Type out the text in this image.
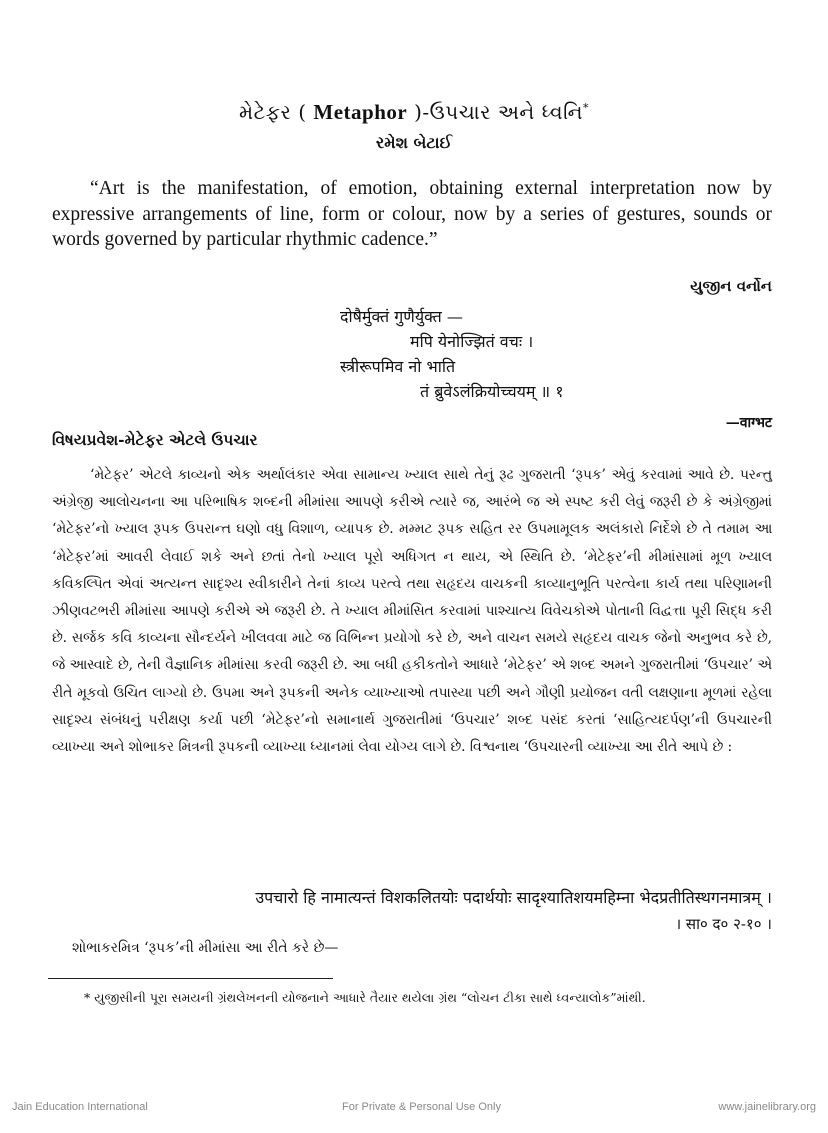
મેટેફર ( Metaphor )-ઉપચાર અને ધ્વનિ*
રમેશ બેટાઈ
“Art is the manifestation, of emotion, obtaining external interpretation now by expressive arrangements of line, form or colour, now by a series of gestures, sounds or words governed by particular rhythmic cadence.”
યુજીન વર્નોન
दोषैर्मुक्तं गुणैर्युक्त —
मपि येनोज्झितं वचः ।
स्त्रीरूपमिव नो भाति
तं ब्रुवेऽलंक्रियोच्चयम् ॥ १
—वाग्भट
વિષયપ્રવેશ-મેટેફર એટલે ઉપચાર
‘મેટેફર’ એટલે કાવ્યનો એક અર્થાલંકાર એવા સામાન્ય ખ્યાલ સાથે તેનું રૂઢ ગુજરાતી ‘રૂપક’ એવું કરવામાં આવે છે. પરન્તુ અંગ્રેજી આલોચનના આ પરિભાષિક શબ્દની મીમાંસા આપણે કરીએ ત્યારે જ, આરંભે જ એ સ્પષ્ટ કરી લેવું જરૂરી છે કે અંગ્રેજીમાં ‘મેટેફર’નો ખ્યાલ રૂપક ઉપરાન્ત ઘણો વધુ વિશાળ, વ્યાપક છે. મમ્મટ રૂપક સહિત રર ઉપમામૂલક અલંકારો નિર્દેશે છે તે તમામ આ ‘મેટેફર’માં આવરી લેવાઈ શકે અને છતાં તેનો ખ્યાલ પૂરો અધિગત ન થાય, એ સ્થિતિ છે. ‘મેટેફર’ની મીમાંસામાં મૂળ ખ્યાલ કવિકલ્પિત એવાં અત્યન્ત સાદૃશ્ય સ્વીકારીને તેનાં કાવ્ય પરત્વે તથા સહૃદય વાચકની કાવ્યાનુભૂતિ પરત્વેના કાર્ય તથા પરિણામની ઝીણવટભરી મીમાંસા આપણે કરીએ એ જરૂરી છે. તે ખ્યાલ મીમાંસિત કરવામાં પાશ્ચાત્ય વિવેચકોએ પોતાની વિદ્વત્તા પૂરી સિદ્ધ કરી છે. સર્જક કવિ કાવ્યના સૌન્દર્યને ખીલવવા માટે જ વિભિન્ન પ્રયોગો કરે છે, અને વાચન સમયે સહૃદય વાચક જેનો અનુભવ કરે છે, જે આસ્વાદે છે, તેની વૈજ્ઞાનિક મીમાંસા કરવી જરૂરી છે. આ બધી હકીકતોને આધારે ‘મેટેફર’ એ શબ્દ અમને ગુજરાતીમાં ‘ઉપચાર’ એ રીતે મૂકવો ઉચિત લાગ્યો છે. ઉપમા અને રૂપકની અનેક વ્યાખ્યાઓ તપાસ્યા પછી અને ગૌણી પ્રયોજન વતી લક્ષણાના મૂળમાં રહેલા સાદૃશ્ય સંબંધનું પરીક્ષણ કર્યા પછી ‘મેટેફર’નો સમાનાર્થ ગુજરાતીમાં ‘ઉપચાર’ શબ્દ પસંદ કરતાં ‘સાહિત્યદર્પણ’ની ઉપચારની વ્યાખ્યા અને શોભાકર મિત્રની રૂપકની વ્યાખ્યા ધ્યાનમાં લેવા યોગ્ય લાગે છે. વિશ્વનાથ ‘ઉપચારની વ્યાખ્યા આ રીતે આપે છે :
उपचारो हि नामात्यन्तं विशकलितयोः पदार्थयोः सादृश्यातिशयमहिम्ना भेदप्रतीतिस्थगनमात्रम् ।
। सा० द० २-१० ।
શોભાકરમિત્ર ‘રૂપક’ની મીમાંસા આ રીતે કરે છે—
* યુજીસીની પૂરા સમયની ગ્રંથલેખનની યોજનાને આધારે તૈયાર થયેલા ગ્રંથ “લોચન ટીકા સાથે ધ્વન્યાલોક”માંથી.
Jain Education International	For Private & Personal Use Only	www.jainelibrary.org
